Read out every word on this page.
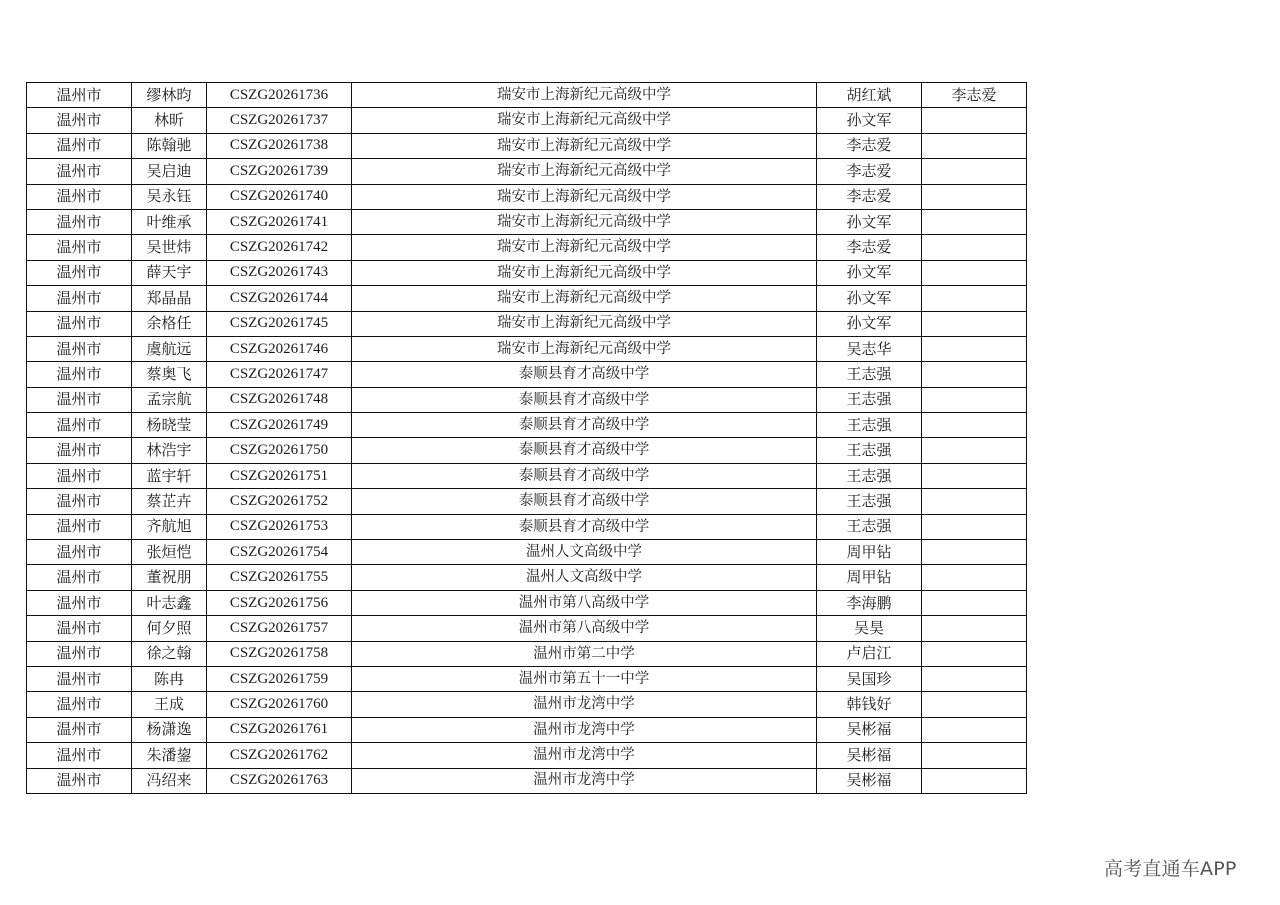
温州市	缪林昀	CSZG20261736	瑞安市上海新纪元高级中学	胡红斌	李志爱
温州市	林昕	CSZG20261737	瑞安市上海新纪元高级中学	孙文军	
温州市	陈翰驰	CSZG20261738	瑞安市上海新纪元高级中学	李志爱	
温州市	吴启迪	CSZG20261739	瑞安市上海新纪元高级中学	李志爱	
温州市	吴永钰	CSZG20261740	瑞安市上海新纪元高级中学	李志爱	
温州市	叶维承	CSZG20261741	瑞安市上海新纪元高级中学	孙文军	
温州市	吴世炜	CSZG20261742	瑞安市上海新纪元高级中学	李志爱	
温州市	薛天宇	CSZG20261743	瑞安市上海新纪元高级中学	孙文军	
温州市	郑晶晶	CSZG20261744	瑞安市上海新纪元高级中学	孙文军	
温州市	余格任	CSZG20261745	瑞安市上海新纪元高级中学	孙文军	
温州市	虞航远	CSZG20261746	瑞安市上海新纪元高级中学	吴志华	
温州市	蔡奥飞	CSZG20261747	泰顺县育才高级中学	王志强	
温州市	孟宗航	CSZG20261748	泰顺县育才高级中学	王志强	
温州市	杨晓莹	CSZG20261749	泰顺县育才高级中学	王志强	
温州市	林浩宇	CSZG20261750	泰顺县育才高级中学	王志强	
温州市	蓝宇轩	CSZG20261751	泰顺县育才高级中学	王志强	
温州市	蔡芷卉	CSZG20261752	泰顺县育才高级中学	王志强	
温州市	齐航旭	CSZG20261753	泰顺县育才高级中学	王志强	
温州市	张烜恺	CSZG20261754	温州人文高级中学	周甲钻	
温州市	董祝朋	CSZG20261755	温州人文高级中学	周甲钻	
温州市	叶志鑫	CSZG20261756	温州市第八高级中学	李海鹏	
温州市	何夕照	CSZG20261757	温州市第八高级中学	吴昊	
温州市	徐之翰	CSZG20261758	温州市第二中学	卢启江	
温州市	陈冉	CSZG20261759	温州市第五十一中学	吴国珍	
温州市	王成	CSZG20261760	温州市龙湾中学	韩钱好	
温州市	杨潇逸	CSZG20261761	温州市龙湾中学	吴彬福	
温州市	朱潘鋆	CSZG20261762	温州市龙湾中学	吴彬福	
温州市	冯绍来	CSZG20261763	温州市龙湾中学	吴彬福	
高考直通车APP
